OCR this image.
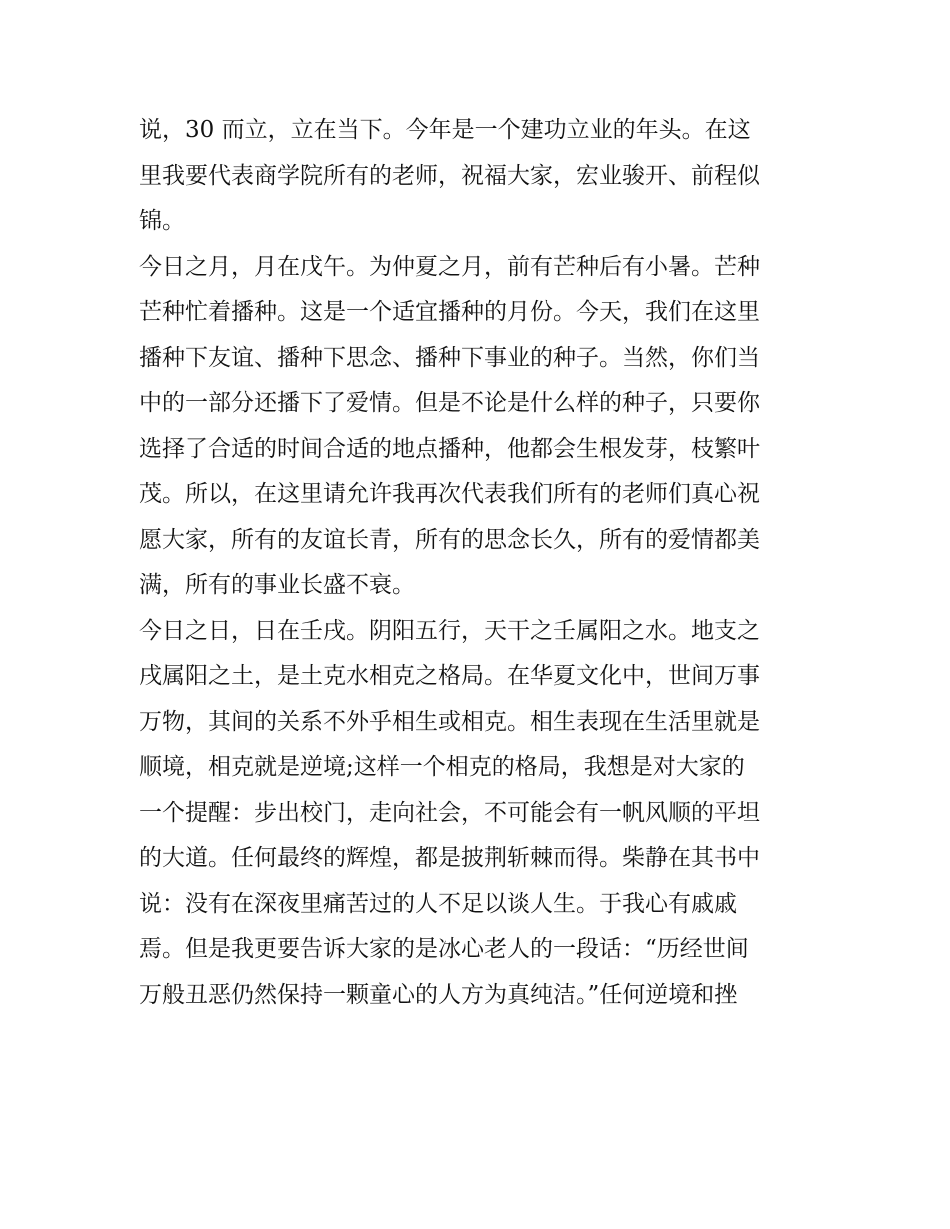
说，30 而立，立在当下。今年是一个建功立业的年头。在这
里我要代表商学院所有的老师，祝福大家，宏业骏开、前程似
锦。
今日之月，月在戊午。为仲夏之月，前有芒种后有小暑。芒种
芒种忙着播种。这是一个适宜播种的月份。今天，我们在这里
播种下友谊、播种下思念、播种下事业的种子。当然，你们当
中的一部分还播下了爱情。但是不论是什么样的种子，只要你
选择了合适的时间合适的地点播种，他都会生根发芽，枝繁叶
茂。所以，在这里请允许我再次代表我们所有的老师们真心祝
愿大家，所有的友谊长青，所有的思念长久，所有的爱情都美
满，所有的事业长盛不衰。
今日之日，日在壬戌。阴阳五行，天干之壬属阳之水。地支之
戌属阳之土，是土克水相克之格局。在华夏文化中，世间万事
万物，其间的关系不外乎相生或相克。相生表现在生活里就是
顺境，相克就是逆境;这样一个相克的格局，我想是对大家的
一个提醒：步出校门，走向社会，不可能会有一帆风顺的平坦
的大道。任何最终的辉煌，都是披荆斩棘而得。柴静在其书中
说：没有在深夜里痛苦过的人不足以谈人生。于我心有戚戚
焉。但是我更要告诉大家的是冰心老人的一段话：“历经世间
万般丑恶仍然保持一颗童心的人方为真纯洁。”任何逆境和挫
